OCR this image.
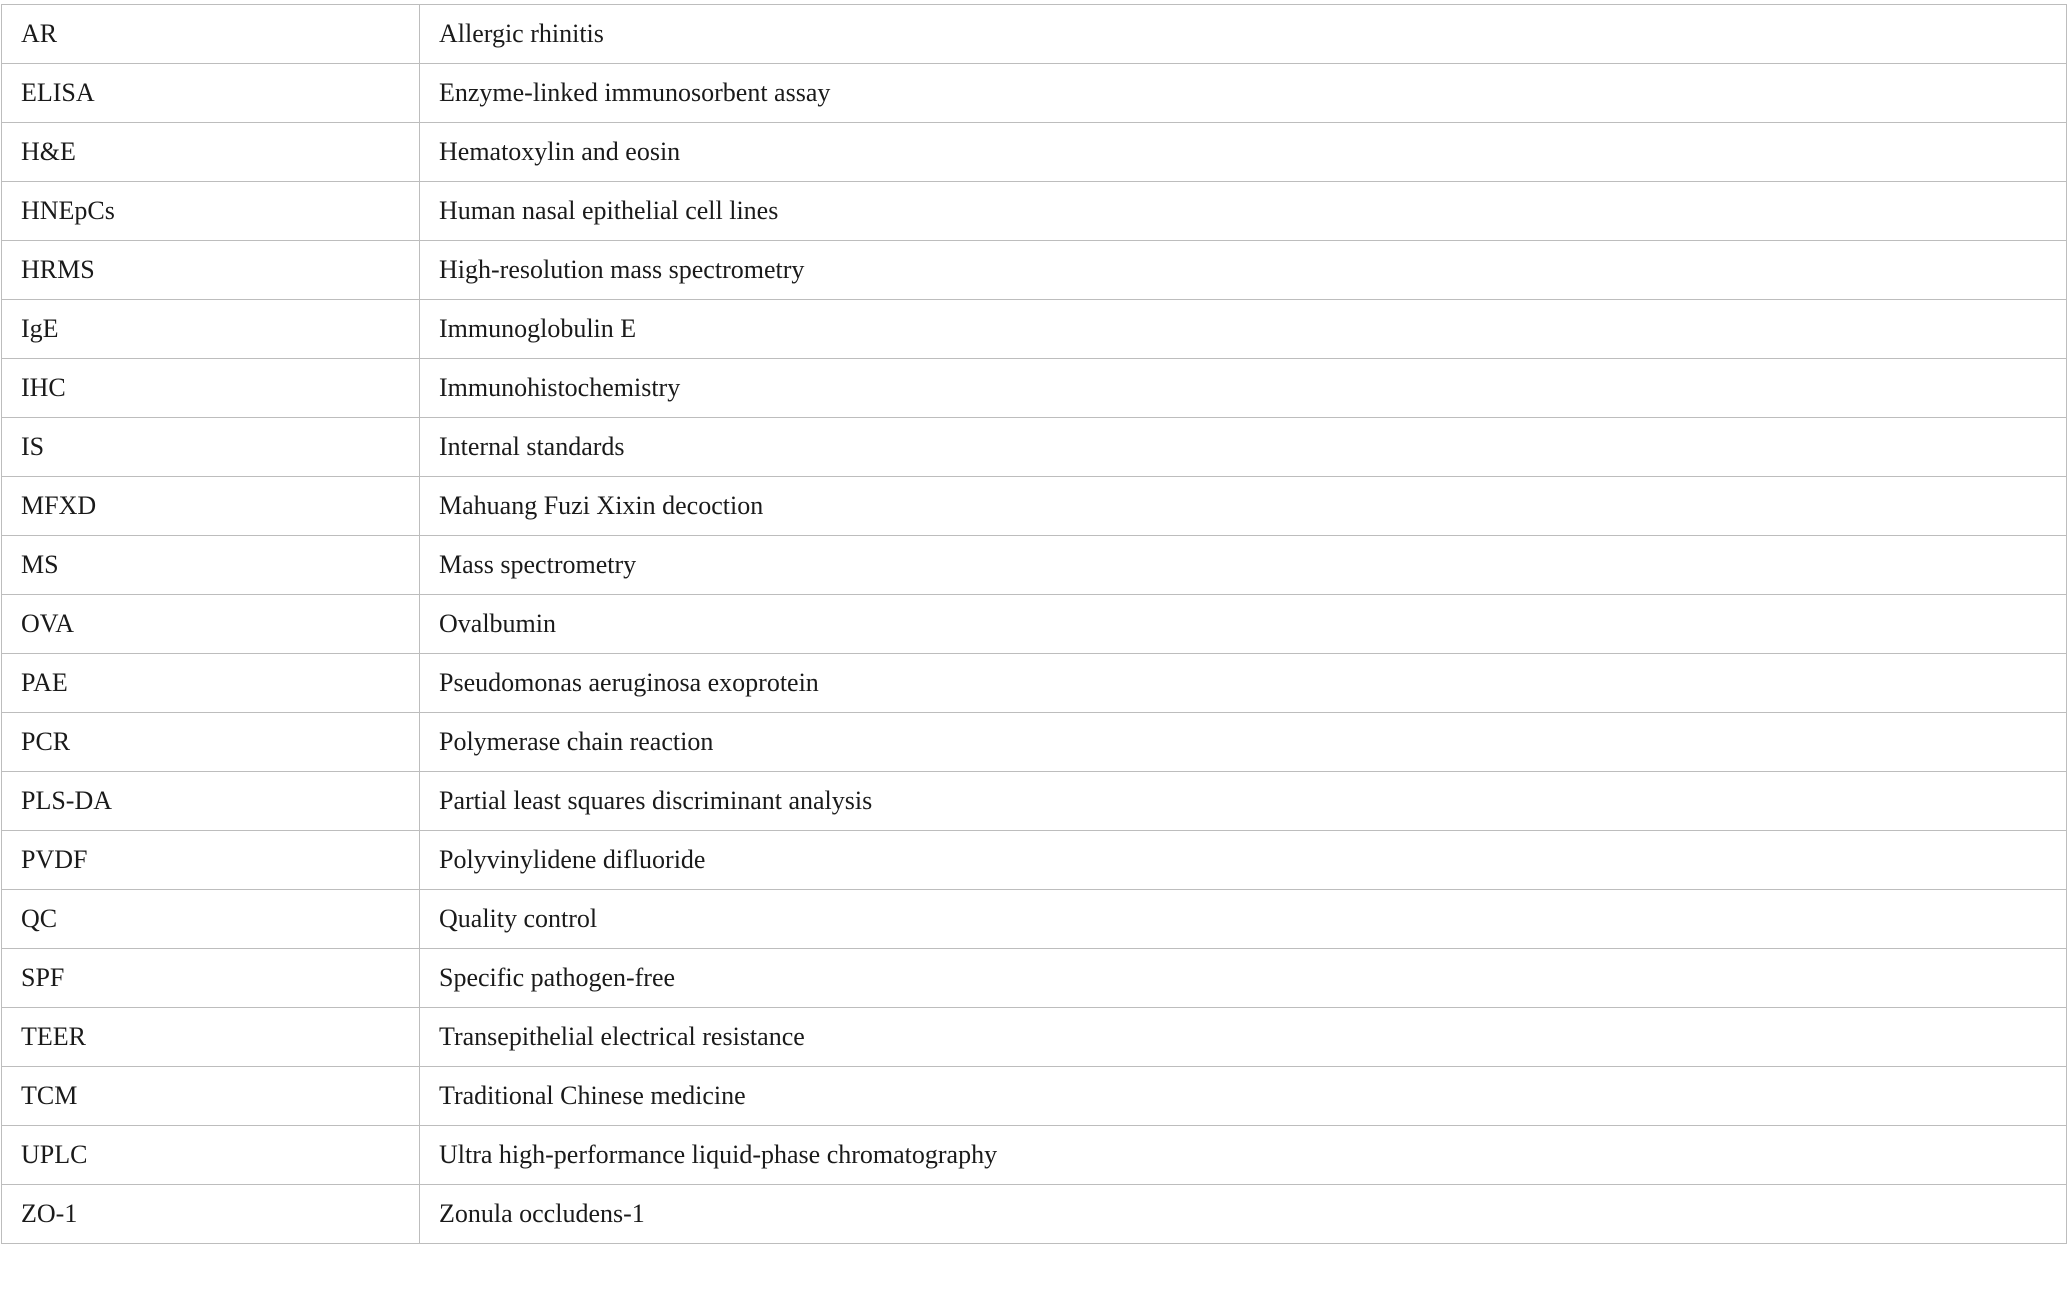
AR	Allergic rhinitis
ELISA	Enzyme-linked immunosorbent assay
H&E	Hematoxylin and eosin
HNEpCs	Human nasal epithelial cell lines
HRMS	High-resolution mass spectrometry
IgE	Immunoglobulin E
IHC	Immunohistochemistry
IS	Internal standards
MFXD	Mahuang Fuzi Xixin decoction
MS	Mass spectrometry
OVA	Ovalbumin
PAE	Pseudomonas aeruginosa exoprotein
PCR	Polymerase chain reaction
PLS-DA	Partial least squares discriminant analysis
PVDF	Polyvinylidene difluoride
QC	Quality control
SPF	Specific pathogen-free
TEER	Transepithelial electrical resistance
TCM	Traditional Chinese medicine
UPLC	Ultra high-performance liquid-phase chromatography
ZO-1	Zonula occludens-1
